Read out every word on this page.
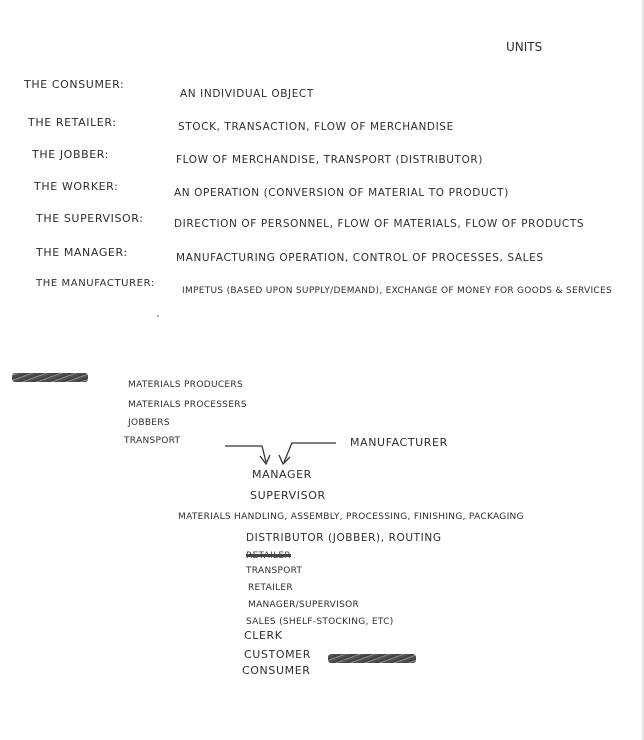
UNITS
THE CONSUMER:
AN INDIVIDUAL OBJECT
THE RETAILER:	STOCK, TRANSACTION, FLOW OF MERCHANDISE
THE JOBBER:	FLOW OF MERCHANDISE, TRANSPORT (DISTRIBUTOR)
THE WORKER:	AN OPERATION (CONVERSION OF MATERIAL TO PRODUCT)
THE SUPERVISOR:	DIRECTION OF PERSONNEL, FLOW OF MATERIALS, FLOW OF PRODUCTS
THE MANAGER:	MANUFACTURING OPERATION, CONTROL OF PROCESSES, SALES
THE MANUFACTURER:
IMPETUS (BASED UPON SUPPLY/DEMAND), EXCHANGE OF MONEY FOR GOODS & SERVICES
MATERIALS PRODUCERS
MATERIALS PROCESSERS
JOBBERS
TRANSPORT	MANUFACTURER
MANAGER
SUPERVISOR
MATERIALS HANDLING, ASSEMBLY, PROCESSING, FINISHING, PACKAGING
DISTRIBUTOR (JOBBER), ROUTING
RETAILER
TRANSPORT
RETAILER
MANAGER/SUPERVISOR
SALES (SHELF-STOCKING, ETC)
CLERK
CUSTOMER
CONSUMER
